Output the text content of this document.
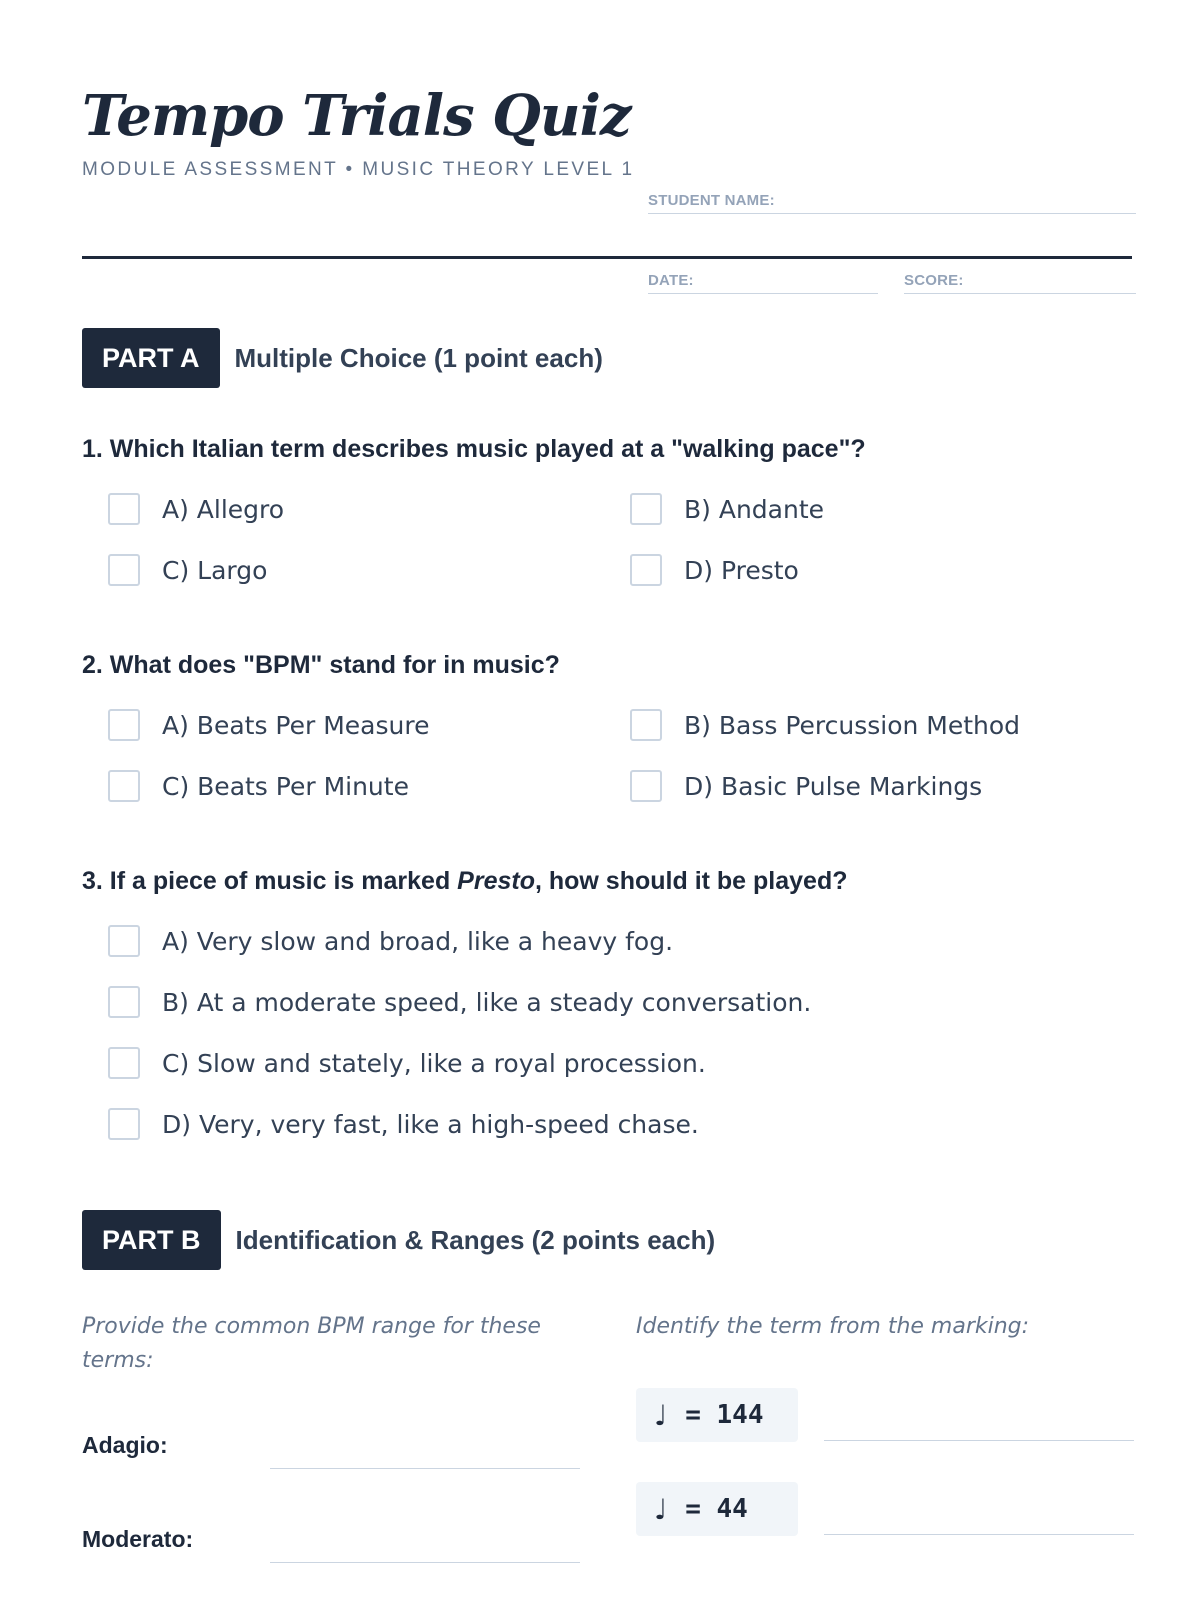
Tempo Trials Quiz
MODULE ASSESSMENT • MUSIC THEORY LEVEL 1
STUDENT NAME:
DATE:	SCORE:
PART A	Multiple Choice (1 point each)
1. Which Italian term describes music played at a "walking pace"?
A) Allegro	B) Andante
C) Largo	D) Presto
2. What does "BPM" stand for in music?
A) Beats Per Measure	B) Bass Percussion Method
C) Beats Per Minute	D) Basic Pulse Markings
3. If a piece of music is marked Presto, how should it be played?
A) Very slow and broad, like a heavy fog.
B) At a moderate speed, like a steady conversation.
C) Slow and stately, like a royal procession.
D) Very, very fast, like a high-speed chase.
PART B	Identification & Ranges (2 points each)
Provide the common BPM range for these terms:
Identify the term from the marking:
Adagio:
Moderato:
♩ = 144
♩ = 44
